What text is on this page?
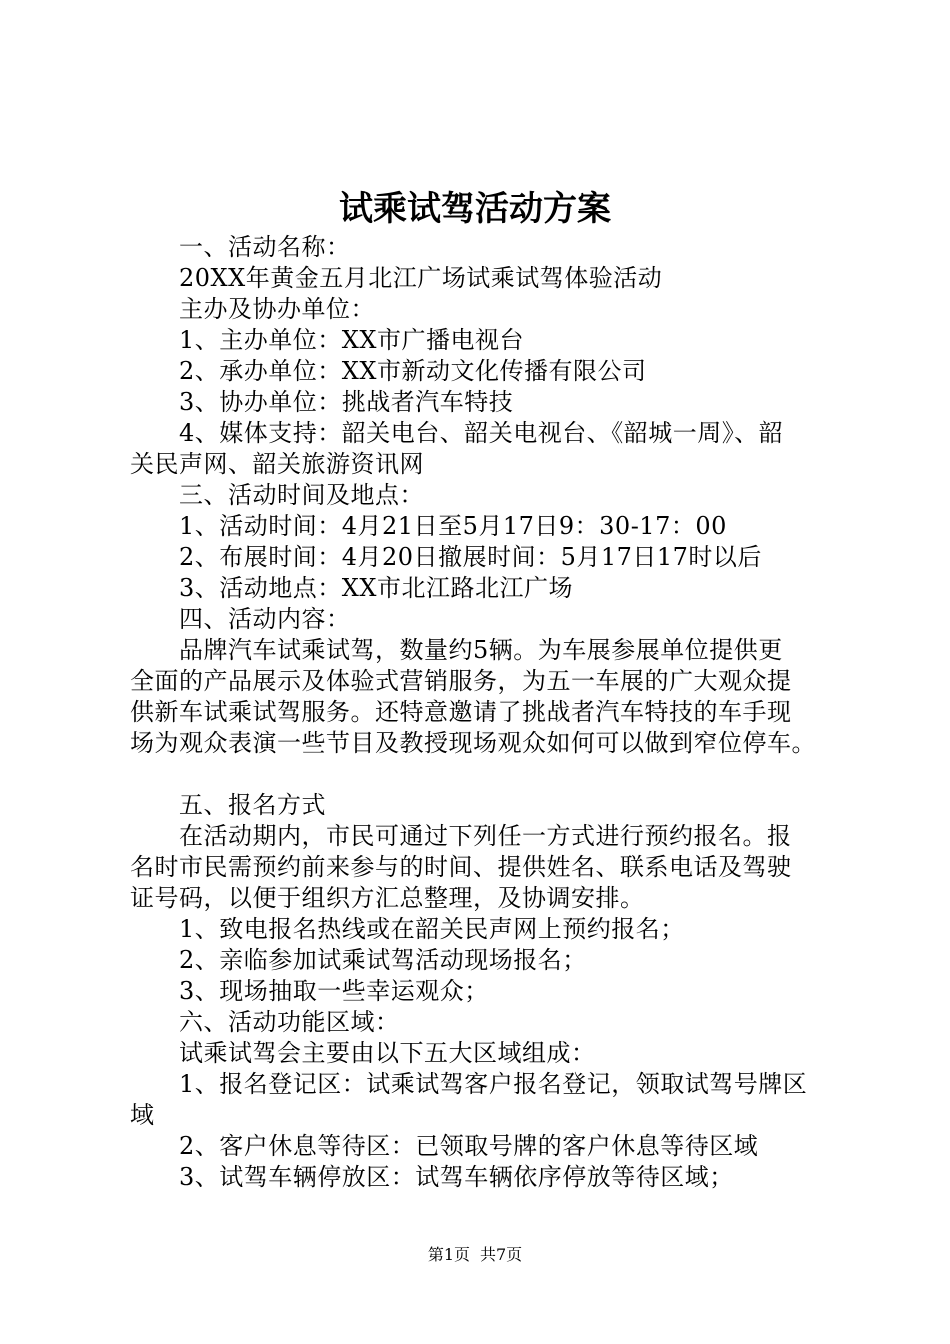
试乘试驾活动方案
一、活动名称：
20XX年黄金五月北江广场试乘试驾体验活动
主办及协办单位：
1、主办单位：XX市广播电视台
2、承办单位：XX市新动文化传播有限公司
3、协办单位：挑战者汽车特技
4、媒体支持：韶关电台、韶关电视台、《韶城一周》、韶
关民声网、韶关旅游资讯网
三、活动时间及地点：
1、活动时间：4月21日至5月17日9：30-17：00
2、布展时间：4月20日撤展时间：5月17日17时以后
3、活动地点：XX市北江路北江广场
四、活动内容：
品牌汽车试乘试驾，数量约5辆。为车展参展单位提供更
全面的产品展示及体验式营销服务，为五一车展的广大观众提
供新车试乘试驾服务。还特意邀请了挑战者汽车特技的车手现
场为观众表演一些节目及教授现场观众如何可以做到窄位停车。
五、报名方式
在活动期内，市民可通过下列任一方式进行预约报名。报
名时市民需预约前来参与的时间、提供姓名、联系电话及驾驶
证号码，以便于组织方汇总整理，及协调安排。
1、致电报名热线或在韶关民声网上预约报名；
2、亲临参加试乘试驾活动现场报名；
3、现场抽取一些幸运观众；
六、活动功能区域：
试乘试驾会主要由以下五大区域组成：
1、报名登记区：试乘试驾客户报名登记，领取试驾号牌区
域
2、客户休息等待区：已领取号牌的客户休息等待区域
3、试驾车辆停放区：试驾车辆依序停放等待区域；
第1页 共7页
